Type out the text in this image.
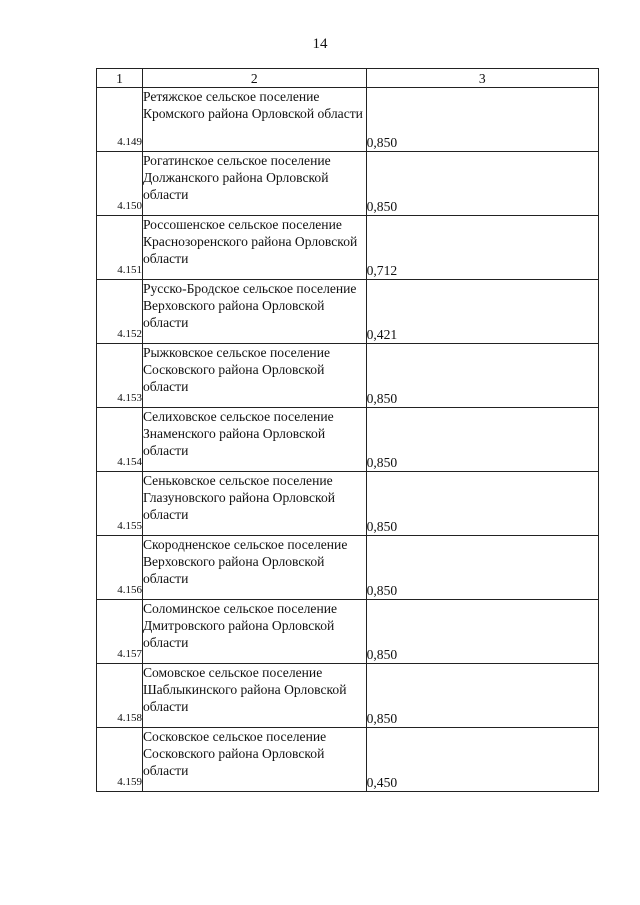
14
1	2	3
4.149	Ретяжское сельское поселение Кромского района Орловской области	0,850
4.150	Рогатинское сельское поселение Должанского района Орловской области	0,850
4.151	Россошенское сельское поселение Краснозоренского района Орловской области	0,712
4.152	Русско-Бродское сельское поселение Верховского района Орловской области	0,421
4.153	Рыжковское сельское поселение Сосковского района Орловской области	0,850
4.154	Селиховское сельское поселение Знаменского района Орловской области	0,850
4.155	Сеньковское сельское поселение Глазуновского района Орловской области	0,850
4.156	Скородненское сельское поселение Верховского района Орловской области	0,850
4.157	Соломинское сельское поселение Дмитровского района Орловской области	0,850
4.158	Сомовское сельское поселение Шаблыкинского района Орловской области	0,850
4.159	Сосковское сельское поселение Сосковского района Орловской области	0,450
